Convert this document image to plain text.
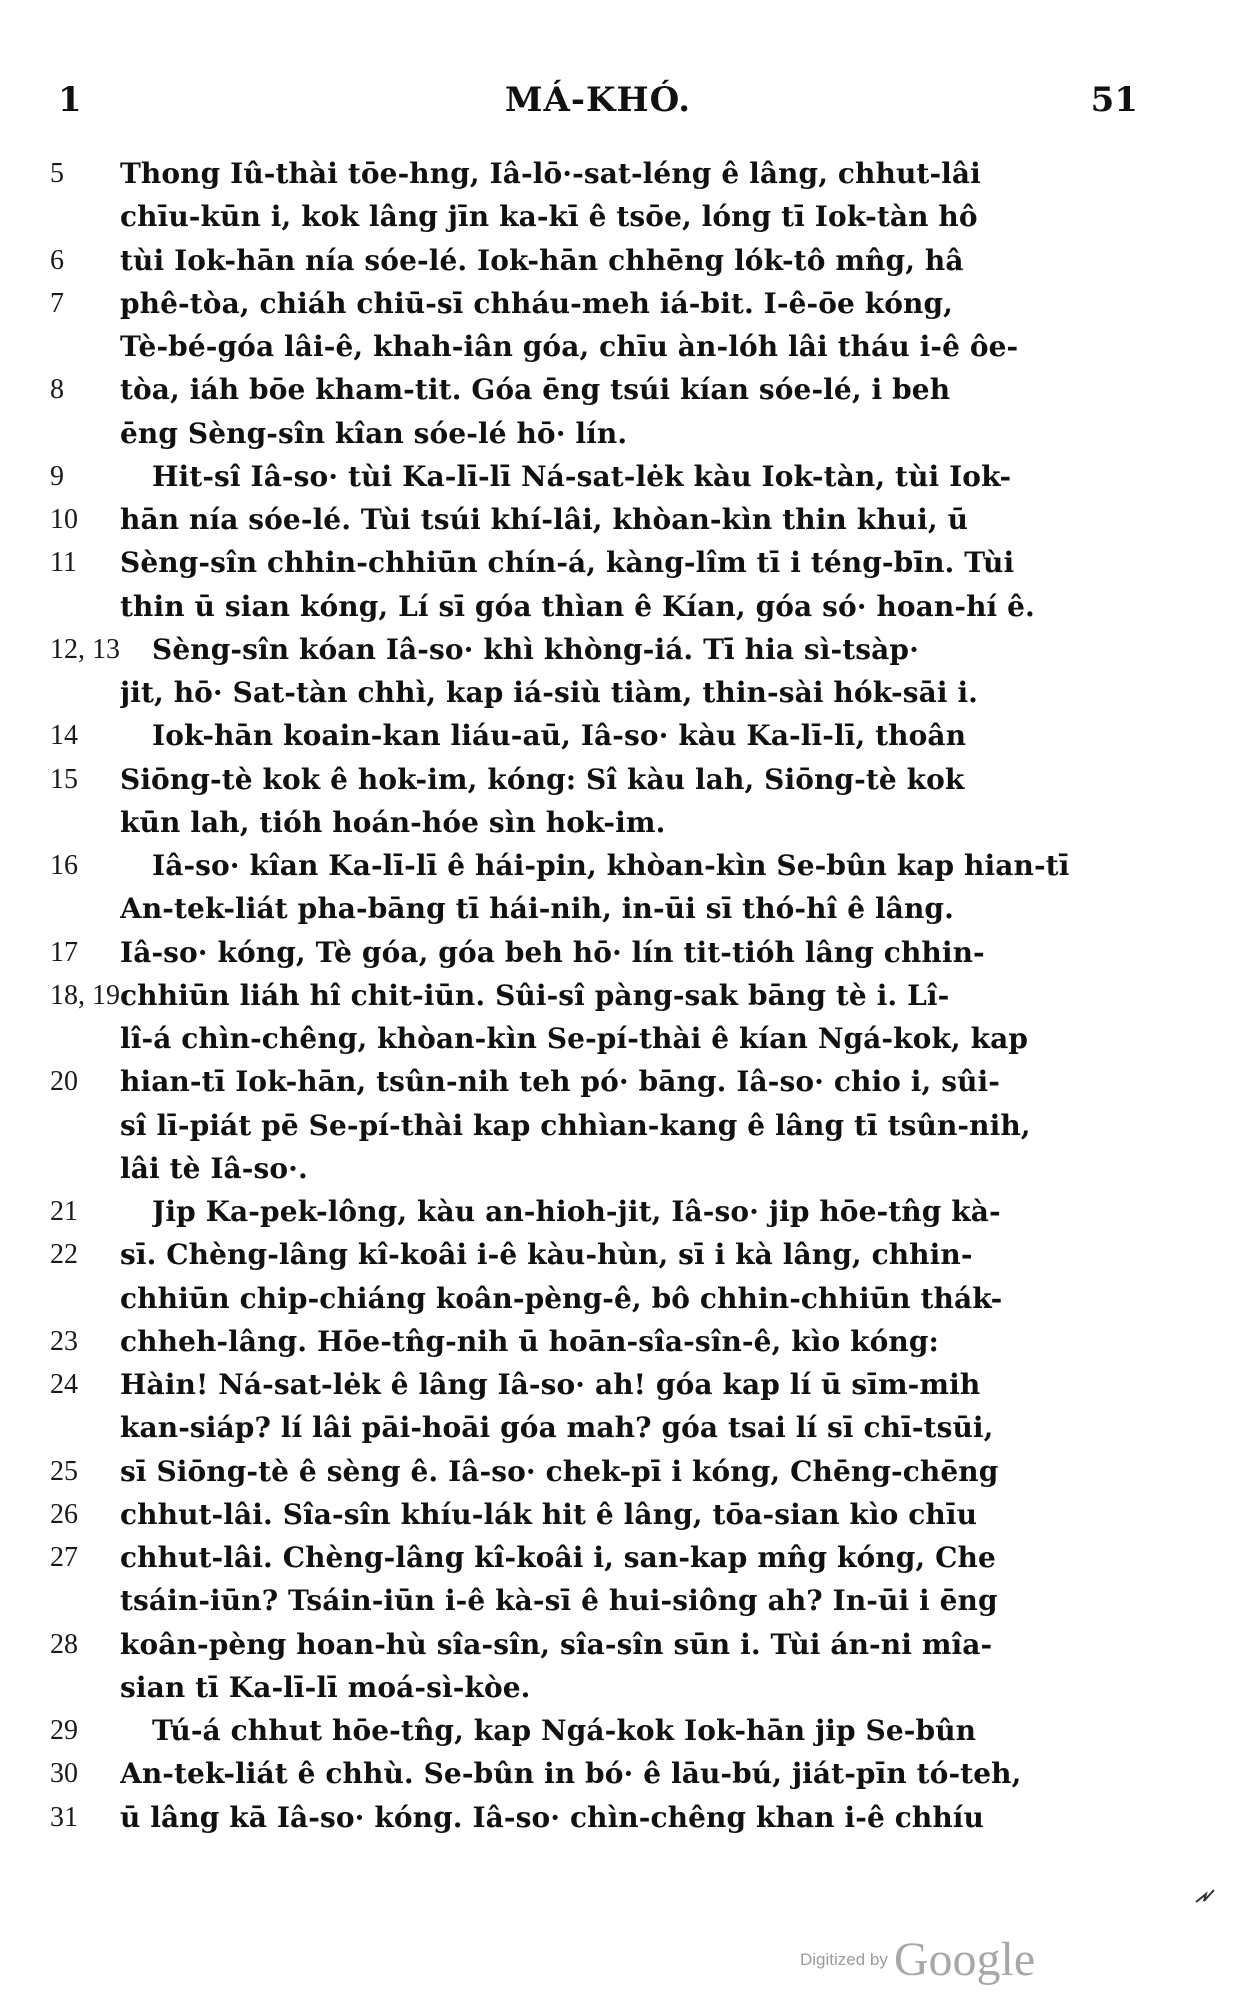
1	MÁ-KHÓ.	51
5	Thong Iû-thài tōe-hng, Iâ-lō·-sat-léng ê lâng, chhut-lâi
chīu-kūn i, kok lâng jīn ka-kī ê tsōe, lóng tī Iok-tàn hô
6	tùi Iok-hān nía sóe-lé. Iok-hān chhēng lók-tô mn̂g, hâ
7	phê-tòa, chiáh chiū-sī chháu-meh iá-bit. I-ê-ōe kóng,
Tè-bé-góa lâi-ê, khah-iân góa, chīu àn-lóh lâi tháu i-ê ôe-
8	tòa, iáh bōe kham-tit. Góa ēng tsúi kían sóe-lé, i beh
ēng Sèng-sîn kîan sóe-lé hō· lín.
9	Hit-sî Iâ-so· tùi Ka-lī-lī Ná-sat-lėk kàu Iok-tàn, tùi Iok-
10	hān nía sóe-lé. Tùi tsúi khí-lâi, khòan-kìn thin khui, ū
11	Sèng-sîn chhin-chhiūn chín-á, kàng-lîm tī i téng-bīn. Tùi
thin ū sian kóng, Lí sī góa thìan ê Kían, góa só· hoan-hí ê.
12, 13 Sèng-sîn kóan Iâ-so· khì khòng-iá. Tī hia sì-tsàp·
jit, hō· Sat-tàn chhì, kap iá-siù tiàm, thin-sài hók-sāi i.
14	Iok-hān koain-kan liáu-aū, Iâ-so· kàu Ka-lī-lī, thoân
15	Siōng-tè kok ê hok-im, kóng: Sî kàu lah, Siōng-tè kok
kūn lah, tióh hoán-hóe sìn hok-im.
16	Iâ-so· kîan Ka-lī-lī ê hái-pin, khòan-kìn Se-bûn kap hian-tī
An-tek-liát pha-bāng tī hái-nih, in-ūi sī thó-hî ê lâng.
17	Iâ-so· kóng, Tè góa, góa beh hō· lín tit-tióh lâng chhin-
18, 19 chhiūn liáh hî chit-iūn. Sûi-sî pàng-sak bāng tè i. Lî-
lî-á chìn-chêng, khòan-kìn Se-pí-thài ê kían Ngá-kok, kap
20	hian-tī Iok-hān, tsûn-nih teh pó· bāng. Iâ-so· chio i, sûi-
sî lī-piát pē Se-pí-thài kap chhìan-kang ê lâng tī tsûn-nih,
lâi tè Iâ-so·.
21	Jip Ka-pek-lông, kàu an-hioh-jit, Iâ-so· jip hōe-tn̂g kà-
22	sī. Chèng-lâng kî-koâi i-ê kàu-hùn, sī i kà lâng, chhin-
chhiūn chip-chiáng koân-pèng-ê, bô chhin-chhiūn thák-
23	chheh-lâng. Hōe-tn̂g-nih ū hoān-sîa-sîn-ê, kìo kóng:
24	Hàin! Ná-sat-lėk ê lâng Iâ-so· ah! góa kap lí ū sīm-mih
kan-siáp? lí lâi pāi-hoāi góa mah? góa tsai lí sī chī-tsūi,
25	sī Siōng-tè ê sèng ê. Iâ-so· chek-pī i kóng, Chēng-chēng
26	chhut-lâi. Sîa-sîn khíu-lák hit ê lâng, tōa-sian kìo chīu
27	chhut-lâi. Chèng-lâng kî-koâi i, san-kap mn̂g kóng, Che
tsáin-iūn? Tsáin-iūn i-ê kà-sī ê hui-siông ah? In-ūi i ēng
28	koân-pèng hoan-hù sîa-sîn, sîa-sîn sūn i. Tùi án-ni mîa-
sian tī Ka-lī-lī moá-sì-kòe.
29	Tú-á chhut hōe-tn̂g, kap Ngá-kok Iok-hān jip Se-bûn
30	An-tek-liát ê chhù. Se-bûn in bó· ê lāu-bú, jiát-pīn tó-teh,
31	ū lâng kā Iâ-so· kóng. Iâ-so· chìn-chêng khan i-ê chhíu
Digitized by Google
